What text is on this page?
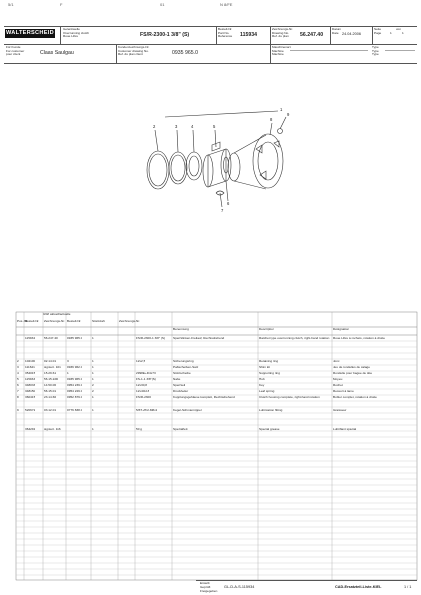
5/1	F	01	N 8/FE
WALTERSCHEID
Gelenkwelle
Overrunning clutch
Roue Libre	FS/R-2300-1 3/8" (S)
Bestell-Nr.
Part No.
Reference 115934
Zeichnungs-Nr.
Drawing No.
Ref. du plan 56.247.40
Datum
Date 24.04.2006
Seite
Page	1
von
1
Für Kunde
For customer
pour client	Claas Saulgau
Kundenzeichnungs-Nr.
Customer drawing No.
Ref. du plan client	0935 965.0
Maschinenart
Machine
Machine
Type
Type
Type
1
2	3	4	5
6
7
8
9
GWI aktuell/actuelle
Pos.-Nr.
Bestell-Nr. Zeichnungs-Nr. Bestell-Nr.	Stückzahl	Zeichnungs-Nr.
Benennung	Description	Désignation
115934	56.247.40	0935 965.0	1	FS/R-2300-1 3/8" (S)	Sperrklinken-Freilauf, Rechtsdrehend	Ratchet type overrunning clutch, right-hand rotation	Roue Libre à rochets, rotation à droite
2 102100	02.14.01	3	1	12x2,5	Sicherungsring	Retaining ring	Jonc
3 111641	signiert. 101 0936 962.0	1	Paßscheiben-Satz	Shim kit	Jeu de rondelles de calage
4 354015	15.29.61	1	1	2998E+D4x73	Stützscheibe	Supporting ring	Rondelle pour bague de tête
5 115933	56.15.22D	0935 965.0	1	FS-1-1 3/8"(S)	Nabe	Hub	Moyeu
6 348033	14.50.06	0954 239.0	2	12x30,8	Sperrkeil	Key	Rochet
7 348150	56.15.01	0954 229.0	2	12x40x16	Druckfeder	Leaf spring	Ressort à lame
8 360415	23.14.66	0952 879.0	1	FS/R-2300	Kupplungsgehäuse komplett, Rechtsdrehend	Clutch housing complete, right-hand rotation	Boîtier complet, rotation à droite
9 520672	03.12.01	0776 838.0	1	5/6T+H/2-M8x1	Kegel-Schmiernippel	Lubrication fitting	Graisseur
364291	signiert. 116	1	50 g	Spezialfett	Special grease	Lubrifiant spécial
Erstellt
Geprüft
Freigegeben
GL-D-A-S-115934	CAD-Ersatzteil-Liste-KIEL	1 / 1
